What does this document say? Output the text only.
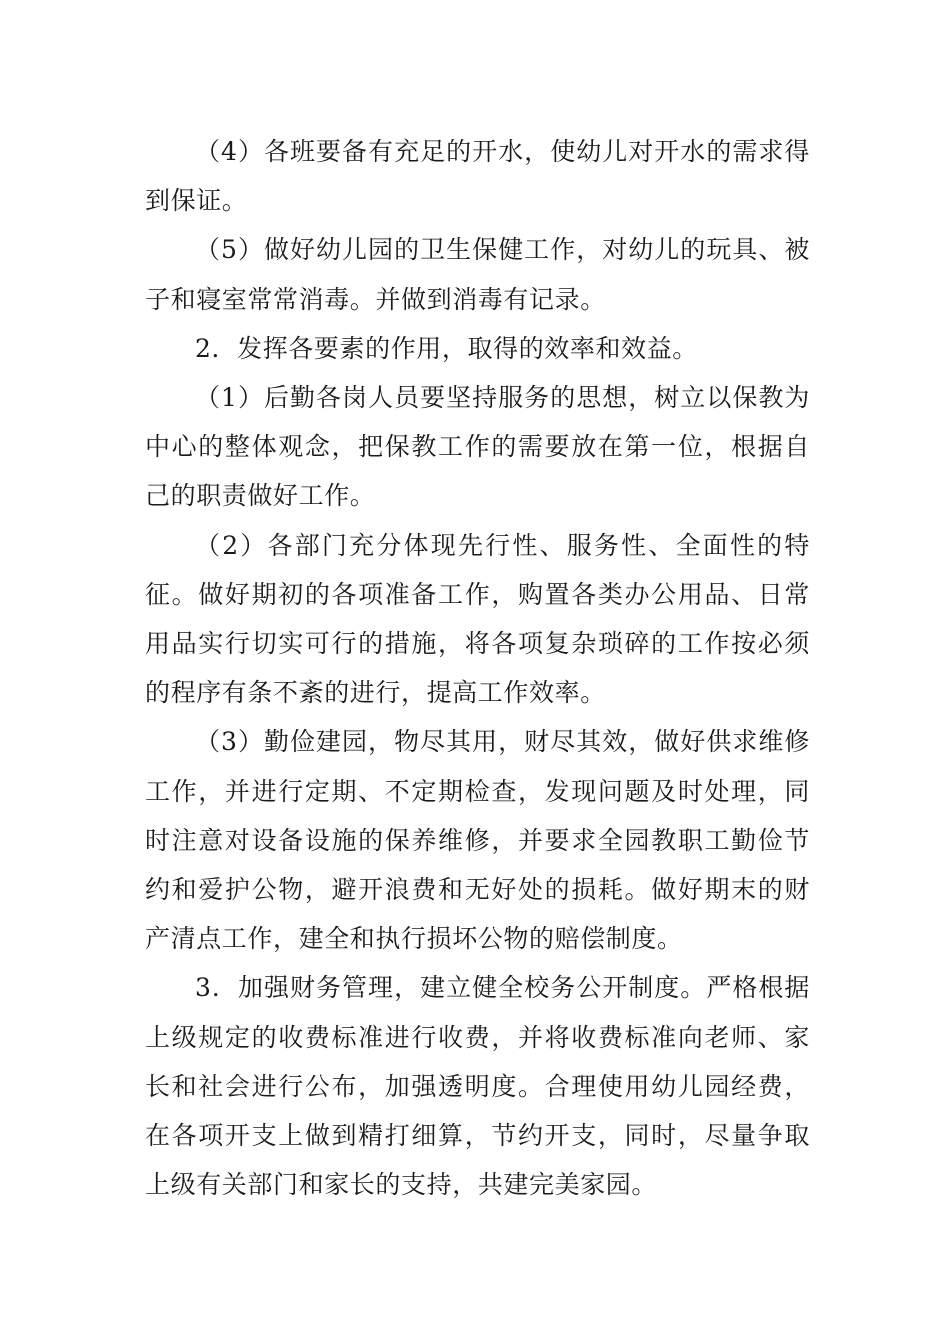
（4）各班要备有充足的开水，使幼儿对开水的需求得到保证。

（5）做好幼儿园的卫生保健工作，对幼儿的玩具、被子和寝室常常消毒。并做到消毒有记录。

2．发挥各要素的作用，取得的效率和效益。

（1）后勤各岗人员要坚持服务的思想，树立以保教为中心的整体观念，把保教工作的需要放在第一位，根据自己的职责做好工作。

（2）各部门充分体现先行性、服务性、全面性的特征。做好期初的各项准备工作，购置各类办公用品、日常用品实行切实可行的措施，将各项复杂琐碎的工作按必须的程序有条不紊的进行，提高工作效率。

（3）勤俭建园，物尽其用，财尽其效，做好供求维修工作，并进行定期、不定期检查，发现问题及时处理，同时注意对设备设施的保养维修，并要求全园教职工勤俭节约和爱护公物，避开浪费和无好处的损耗。做好期末的财产清点工作，建全和执行损坏公物的赔偿制度。

3．加强财务管理，建立健全校务公开制度。严格根据上级规定的收费标准进行收费，并将收费标准向老师、家长和社会进行公布，加强透明度。合理使用幼儿园经费，在各项开支上做到精打细算，节约开支，同时，尽量争取上级有关部门和家长的支持，共建完美家园。
